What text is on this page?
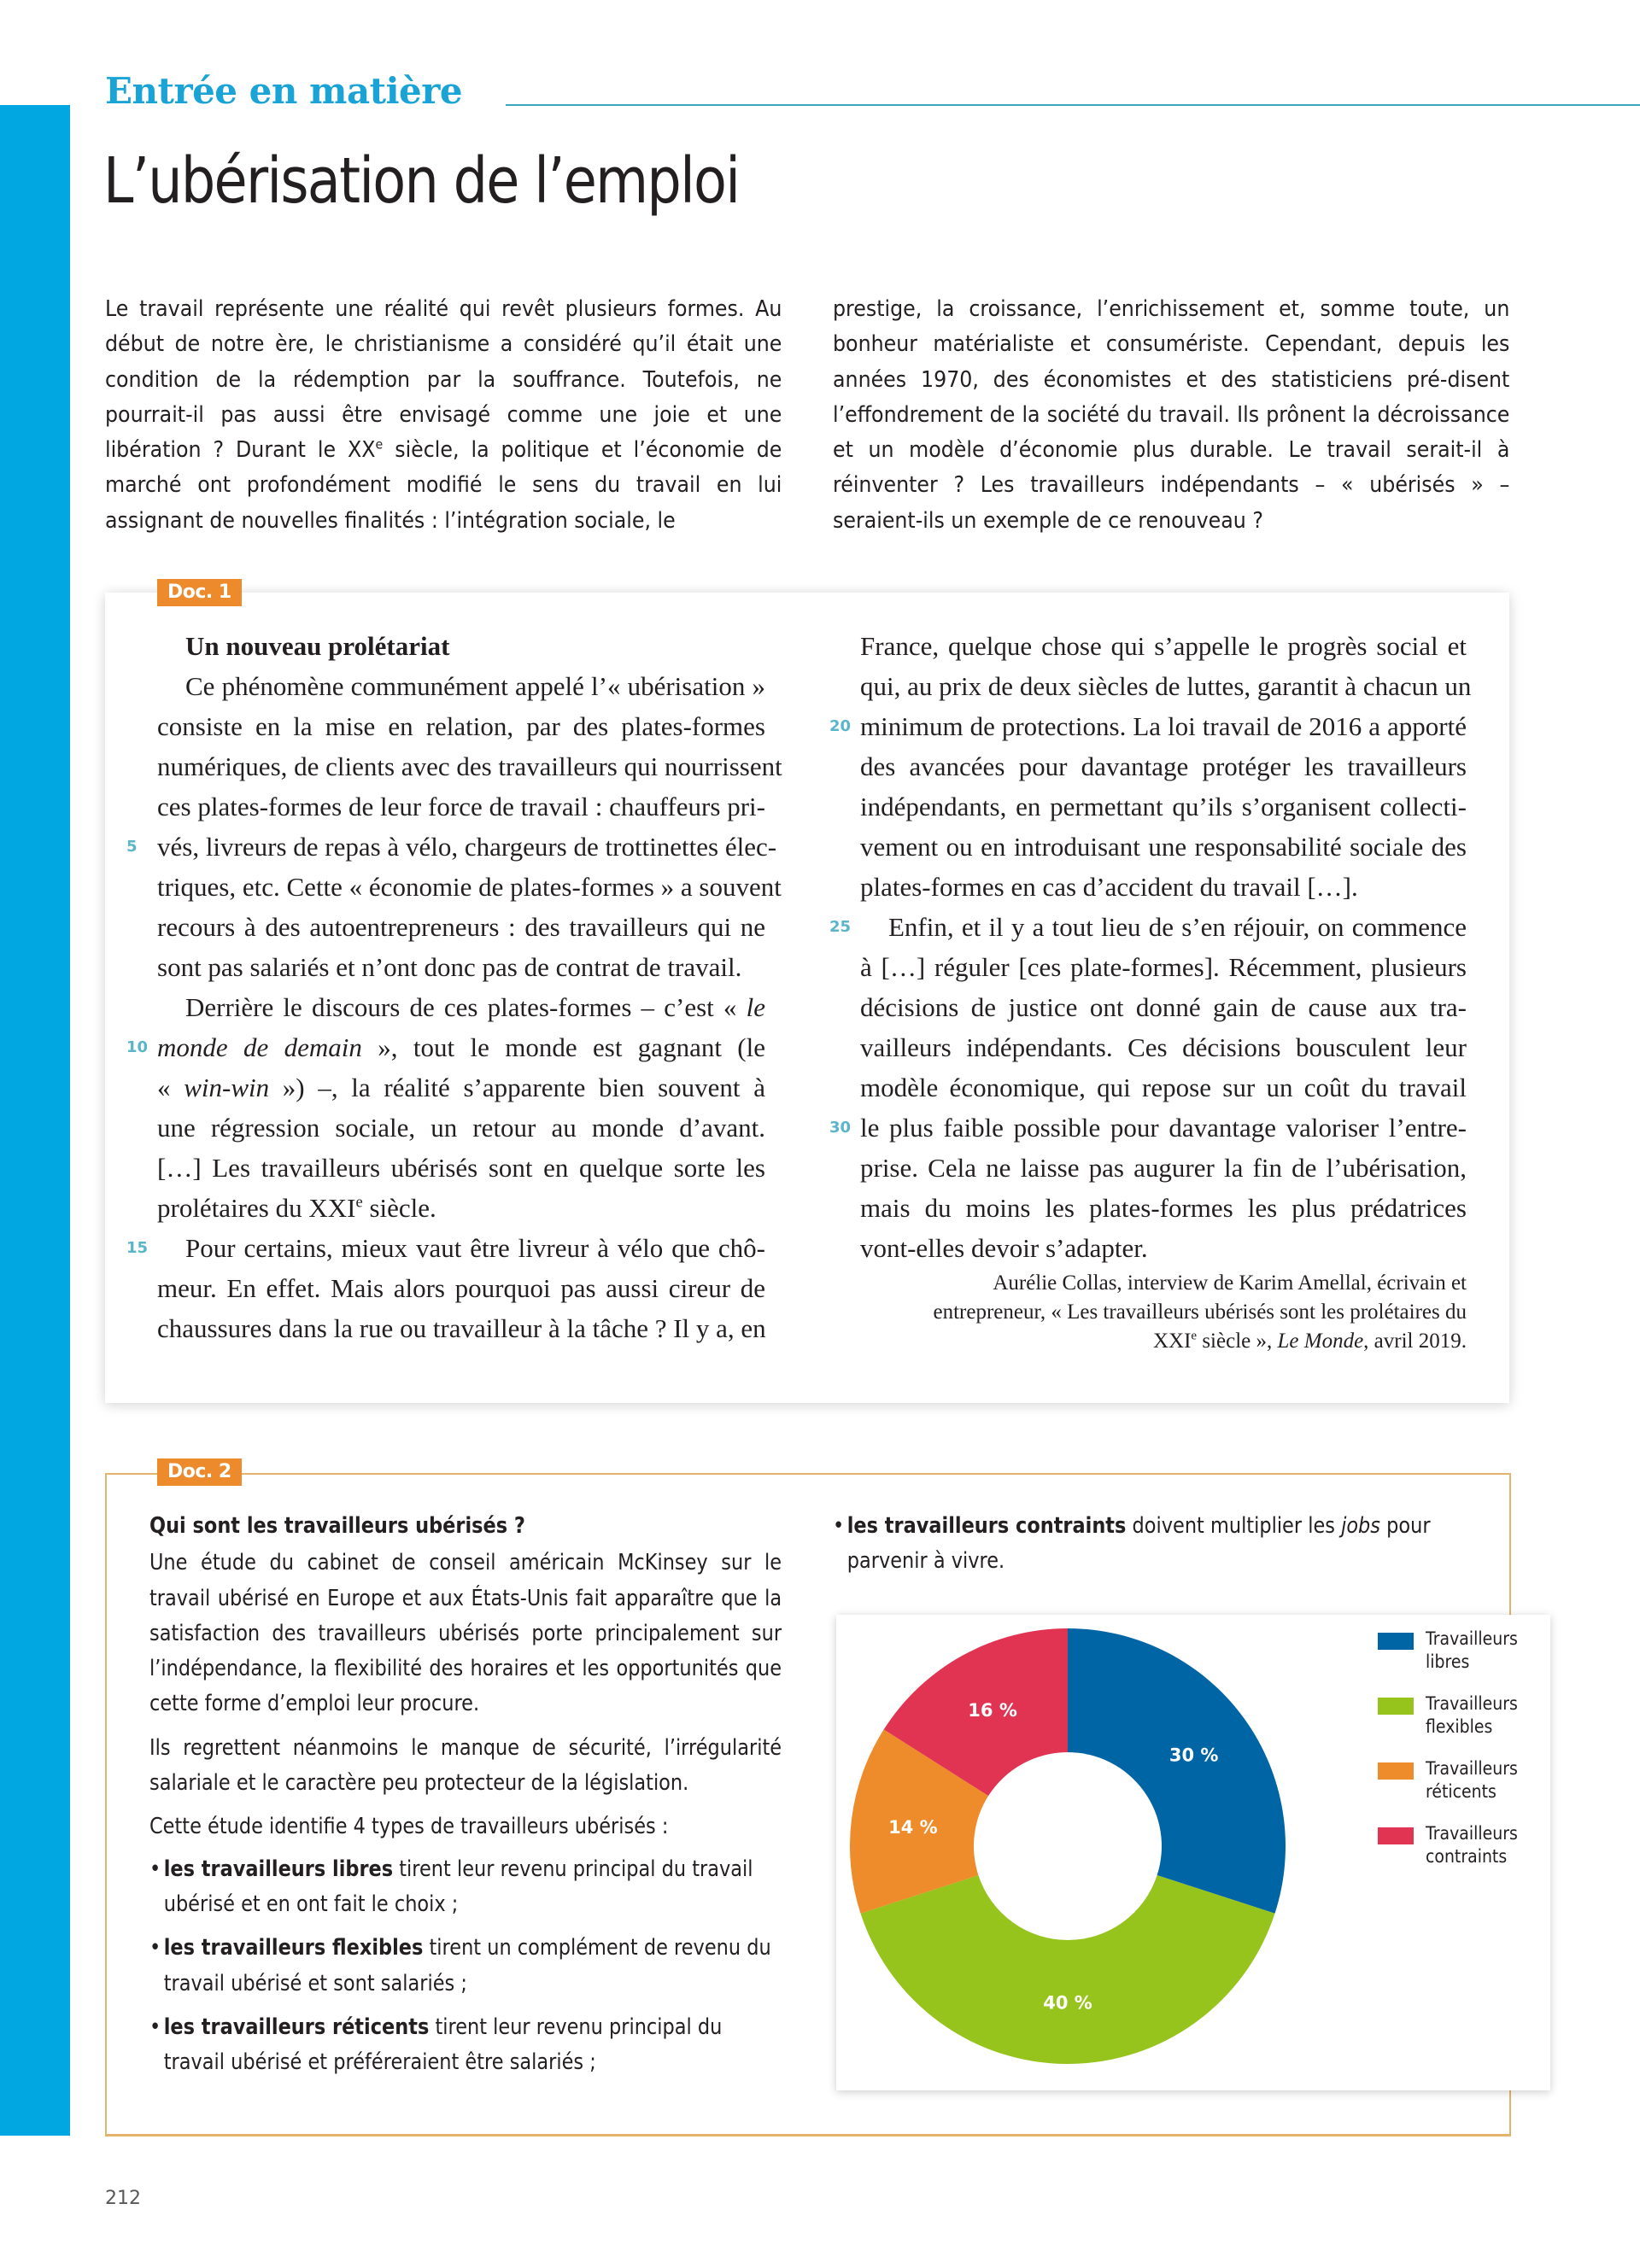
Entrée en matière
L’ubérisation de l’emploi

Le travail représente une réalité qui revêt plusieurs formes. Au début de notre ère, le christianisme a considéré qu’il était une condition de la rédemption par la souffrance. Toutefois, ne pourrait-il pas aussi être envisagé comme une joie et une libération ? Durant le XXe siècle, la politique et l’économie de marché ont profondément modifié le sens du travail en lui assignant de nouvelles finalités : l’intégration sociale, le

prestige, la croissance, l’enrichissement et, somme toute, un bonheur matérialiste et consumériste. Cependant, depuis les années 1970, des économistes et des statisticiens pré-disent l’effondrement de la société du travail. Ils prônent la décroissance et un modèle d’économie plus durable. Le travail serait-il à réinventer ? Les travailleurs indépendants – « ubérisés » – seraient-ils un exemple de ce renouveau ?

Doc. 1
Un nouveau prolétariat
Ce phénomène communément appelé l’« ubérisation »
consiste en la mise en relation, par des plates-formes
numériques, de clients avec des travailleurs qui nourrissent
ces plates-formes de leur force de travail : chauffeurs pri-
5 vés, livreurs de repas à vélo, chargeurs de trottinettes élec-
triques, etc. Cette « économie de plates-formes » a souvent
recours à des autoentrepreneurs : des travailleurs qui ne
sont pas salariés et n’ont donc pas de contrat de travail.
Derrière le discours de ces plates-formes – c’est « le
10 monde de demain », tout le monde est gagnant (le
« win-win ») –, la réalité s’apparente bien souvent à
une régression sociale, un retour au monde d’avant.
[…] Les travailleurs ubérisés sont en quelque sorte les
prolétaires du XXIe siècle.
15 Pour certains, mieux vaut être livreur à vélo que chô-
meur. En effet. Mais alors pourquoi pas aussi cireur de
chaussures dans la rue ou travailleur à la tâche ? Il y a, en
France, quelque chose qui s’appelle le progrès social et
qui, au prix de deux siècles de luttes, garantit à chacun un
20 minimum de protections. La loi travail de 2016 a apporté
des avancées pour davantage protéger les travailleurs
indépendants, en permettant qu’ils s’organisent collecti-
vement ou en introduisant une responsabilité sociale des
plates-formes en cas d’accident du travail […].
25 Enfin, et il y a tout lieu de s’en réjouir, on commence
à […] réguler [ces plate-formes]. Récemment, plusieurs
décisions de justice ont donné gain de cause aux tra-
vailleurs indépendants. Ces décisions bousculent leur
modèle économique, qui repose sur un coût du travail
30 le plus faible possible pour davantage valoriser l’entre-
prise. Cela ne laisse pas augurer la fin de l’ubérisation,
mais du moins les plates-formes les plus prédatrices
vont-elles devoir s’adapter.
Aurélie Collas, interview de Karim Amellal, écrivain et
entrepreneur, « Les travailleurs ubérisés sont les prolétaires du
XXIe siècle », Le Monde, avril 2019.
Doc. 2
Qui sont les travailleurs ubérisés ?
Une étude du cabinet de conseil américain McKinsey sur le travail ubérisé en Europe et aux États-Unis fait apparaître que la satisfaction des travailleurs ubérisés porte principalement sur l’indépendance, la flexibilité des horaires et les opportunités que cette forme d’emploi leur procure.
Ils regrettent néanmoins le manque de sécurité, l’irrégularité salariale et le caractère peu protecteur de la législation.
Cette étude identifie 4 types de travailleurs ubérisés :
• les travailleurs libres tirent leur revenu principal du travail ubérisé et en ont fait le choix ;
• les travailleurs flexibles tirent un complément de revenu du travail ubérisé et sont salariés ;
• les travailleurs réticents tirent leur revenu principal du travail ubérisé et préféreraient être salariés ;
• les travailleurs contraints doivent multiplier les jobs pour parvenir à vivre.
30 %
40 %
14 %
16 %
Travailleurs
libres
Travailleurs
flexibles
Travailleurs
réticents
Travailleurs
contraints
212
